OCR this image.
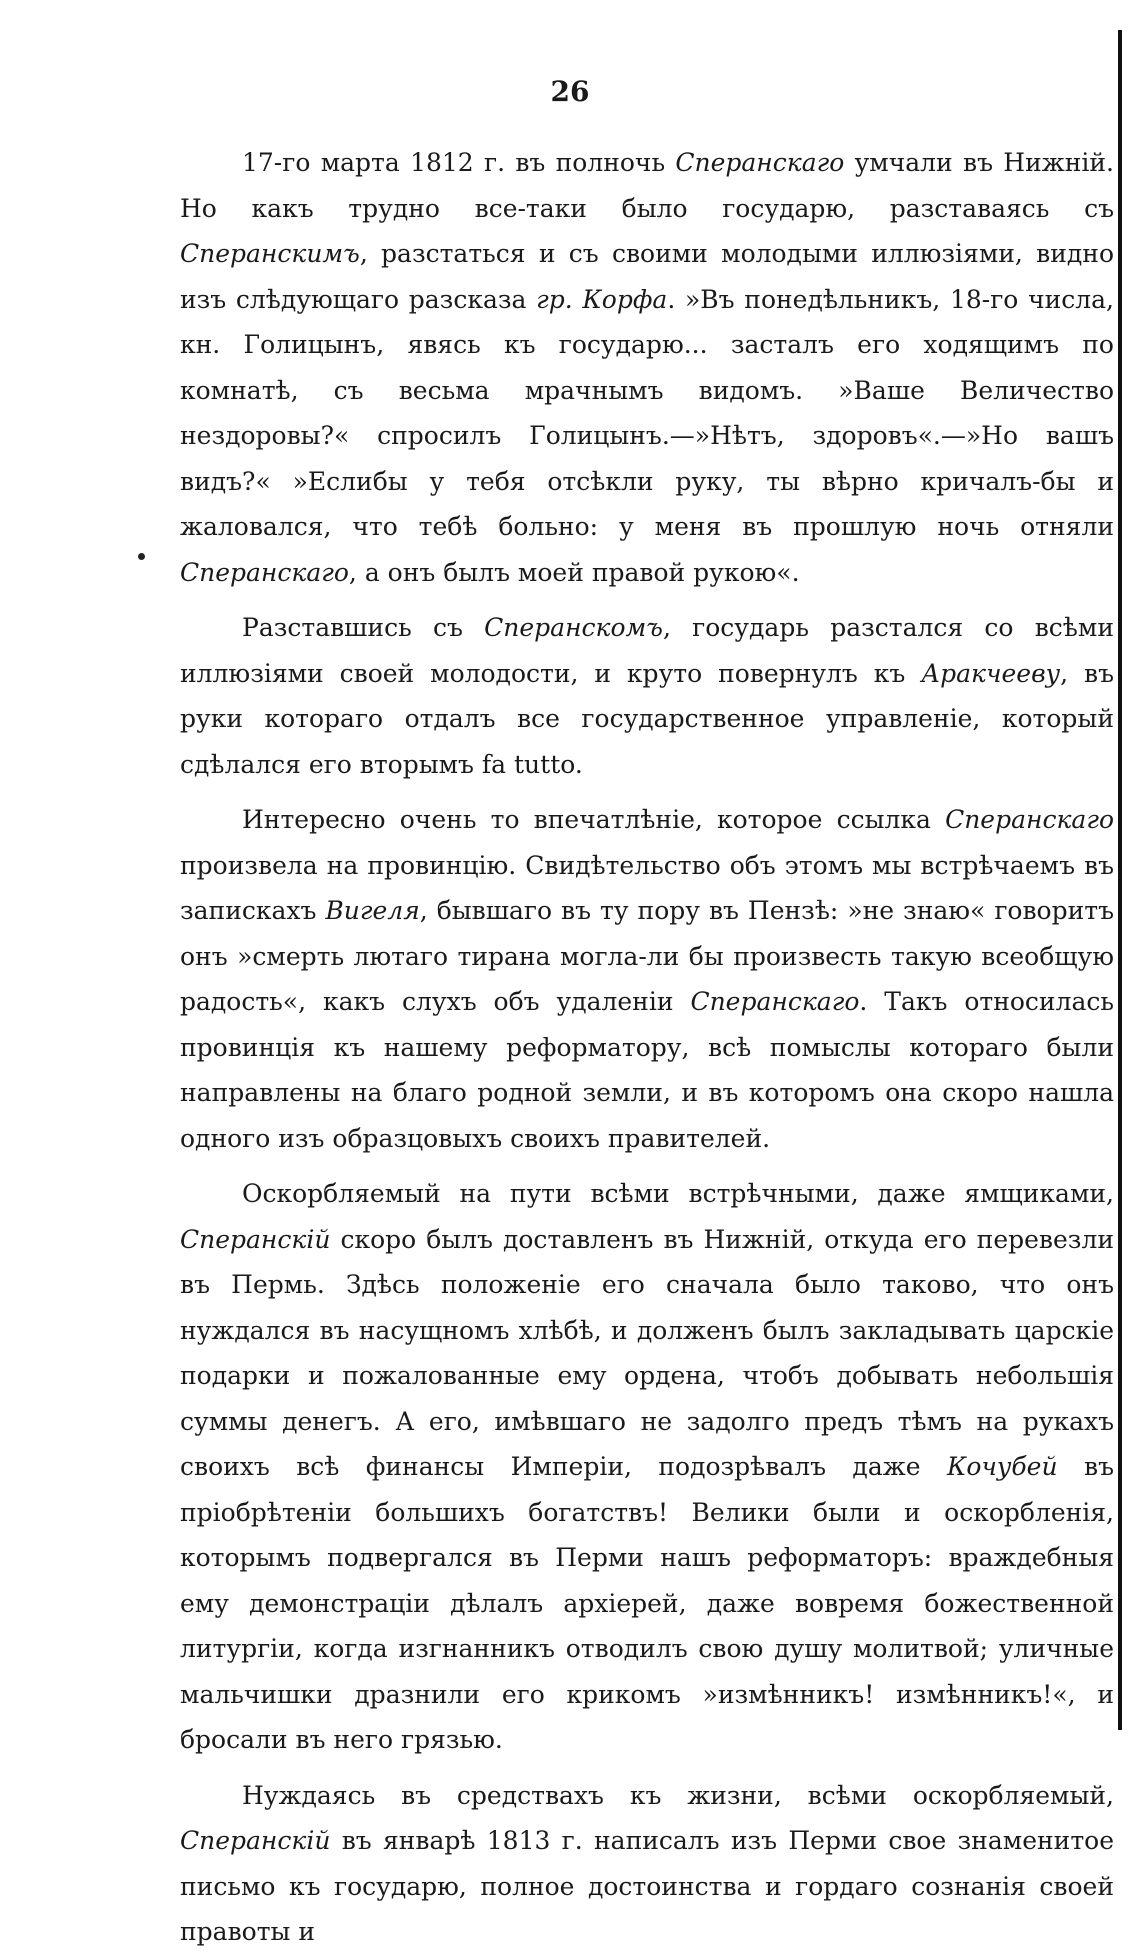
26

17-го марта 1812 г. въ полночь Сперанскаго умчали въ Нижній. Но какъ трудно все-таки было государю, разставаясь съ Сперанскимъ, разстаться и съ своими молодыми иллюзіями, видно изъ слѣдующаго разсказа гр. Корфа. »Въ понедѣльникъ, 18-го числа, кн. Голицынъ, явясь къ государю... засталъ его ходящимъ по комнатѣ, съ весьма мрачнымъ видомъ. »Ваше Величество нездоровы?« спросилъ Голицынъ.—»Нѣтъ, здоровъ«.—»Но вашъ видъ?« »Еслибы у тебя отсѣкли руку, ты вѣрно кричалъ-бы и жаловался, что тебѣ больно: у меня въ прошлую ночь отняли Сперанскаго, а онъ былъ моей правой рукою«.

Разставшись съ Сперанскомъ, государь разстался со всѣми иллюзіями своей молодости, и круто повернулъ къ Аракчееву, въ руки котораго отдалъ все государственное управленіе, который сдѣлался его вторымъ fa tutto.

Интересно очень то впечатлѣніе, которое ссылка Сперанскаго произвела на провинцію. Свидѣтельство объ этомъ мы встрѣчаемъ въ запискахъ Вигеля, бывшаго въ ту пору въ Пензѣ: »не знаю« говоритъ онъ »смерть лютаго тирана могла-ли бы произвесть такую всеобщую радость«, какъ слухъ объ удаленіи Сперанскаго. Такъ относилась провинція къ нашему реформатору, всѣ помыслы котораго были направлены на благо родной земли, и въ которомъ она скоро нашла одного изъ образцовыхъ своихъ правителей.

Оскорбляемый на пути всѣми встрѣчными, даже ямщиками, Сперанскій скоро былъ доставленъ въ Нижній, откуда его перевезли въ Пермь. Здѣсь положеніе его сначала было таково, что онъ нуждался въ насущномъ хлѣбѣ, и долженъ былъ закладывать царскіе подарки и пожалованные ему ордена, чтобъ добывать небольшія суммы денегъ. А его, имѣвшаго не задолго предъ тѣмъ на рукахъ своихъ всѣ финансы Имперіи, подозрѣвалъ даже Кочубей въ пріобрѣтеніи большихъ богатствъ! Велики были и оскорбленія, которымъ подвергался въ Перми нашъ реформаторъ: враждебныя ему демонстраціи дѣлалъ архіерей, даже вовремя божественной литургіи, когда изгнанникъ отводилъ свою душу молитвой; уличные мальчишки дразнили его крикомъ »измѣнникъ! измѣнникъ!«, и бросали въ него грязью.

Нуждаясь въ средствахъ къ жизни, всѣми оскорбляемый, Сперанскій въ январѣ 1813 г. написалъ изъ Перми свое знаменитое письмо къ государю, полное достоинства и гордаго сознанія своей правоты и
